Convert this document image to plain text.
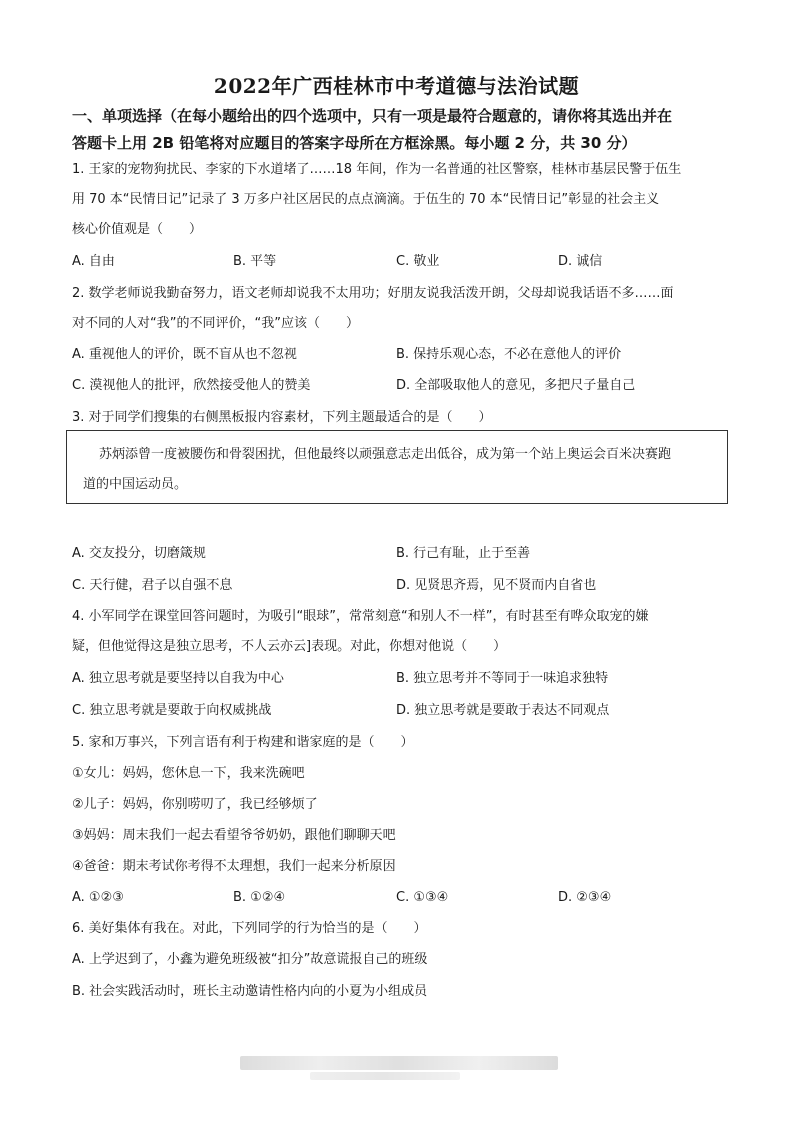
2022年广西桂林市中考道德与法治试题
一、单项选择（在每小题给出的四个选项中，只有一项是最符合题意的，请你将其选出并在
答题卡上用 2B 铅笔将对应题目的答案字母所在方框涂黑。每小题 2 分，共 30 分）
1. 王家的宠物狗扰民、李家的下水道堵了……18 年间，作为一名普通的社区警察，桂林市基层民警于伍生
用 70 本“民情日记”记录了 3 万多户社区居民的点点滴滴。于伍生的 70 本“民情日记”彰显的社会主义
核心价值观是（　　）
A. 自由	B. 平等	C. 敬业	D. 诚信
2. 数学老师说我勤奋努力，语文老师却说我不太用功；好朋友说我活泼开朗，父母却说我话语不多……面
对不同的人对“我”的不同评价，“我”应该（　　）
A. 重视他人的评价，既不盲从也不忽视	B. 保持乐观心态，不必在意他人的评价
C. 漠视他人的批评，欣然接受他人的赞美	D. 全部吸取他人的意见，多把尺子量自己
3. 对于同学们搜集的右侧黑板报内容素材，下列主题最适合的是（　　）
苏炳添曾一度被腰伤和骨裂困扰，但他最终以顽强意志走出低谷，成为第一个站上奥运会百米决赛跑
道的中国运动员。
A. 交友投分，切磨箴规	B. 行己有耻，止于至善
C. 天行健，君子以自强不息	D. 见贤思齐焉，见不贤而内自省也
4. 小军同学在课堂回答问题时，为吸引“眼球”，常常刻意“和别人不一样”，有时甚至有哗众取宠的嫌
疑，但他觉得这是独立思考，不人云亦云]表现。对此，你想对他说（　　）
A. 独立思考就是要坚持以自我为中心	B. 独立思考并不等同于一味追求独特
C. 独立思考就是要敢于向权威挑战	D. 独立思考就是要敢于表达不同观点
5. 家和万事兴，下列言语有利于构建和谐家庭的是（　　）
①女儿：妈妈，您休息一下，我来洗碗吧
②儿子：妈妈，你别唠叨了，我已经够烦了
③妈妈：周末我们一起去看望爷爷奶奶，跟他们聊聊天吧
④爸爸：期末考试你考得不太理想，我们一起来分析原因
A. ①②③	B. ①②④	C. ①③④	D. ②③④
6. 美好集体有我在。对此，下列同学的行为恰当的是（　　）
A. 上学迟到了，小鑫为避免班级被“扣分”故意谎报自己的班级
B. 社会实践活动时，班长主动邀请性格内向的小夏为小组成员
